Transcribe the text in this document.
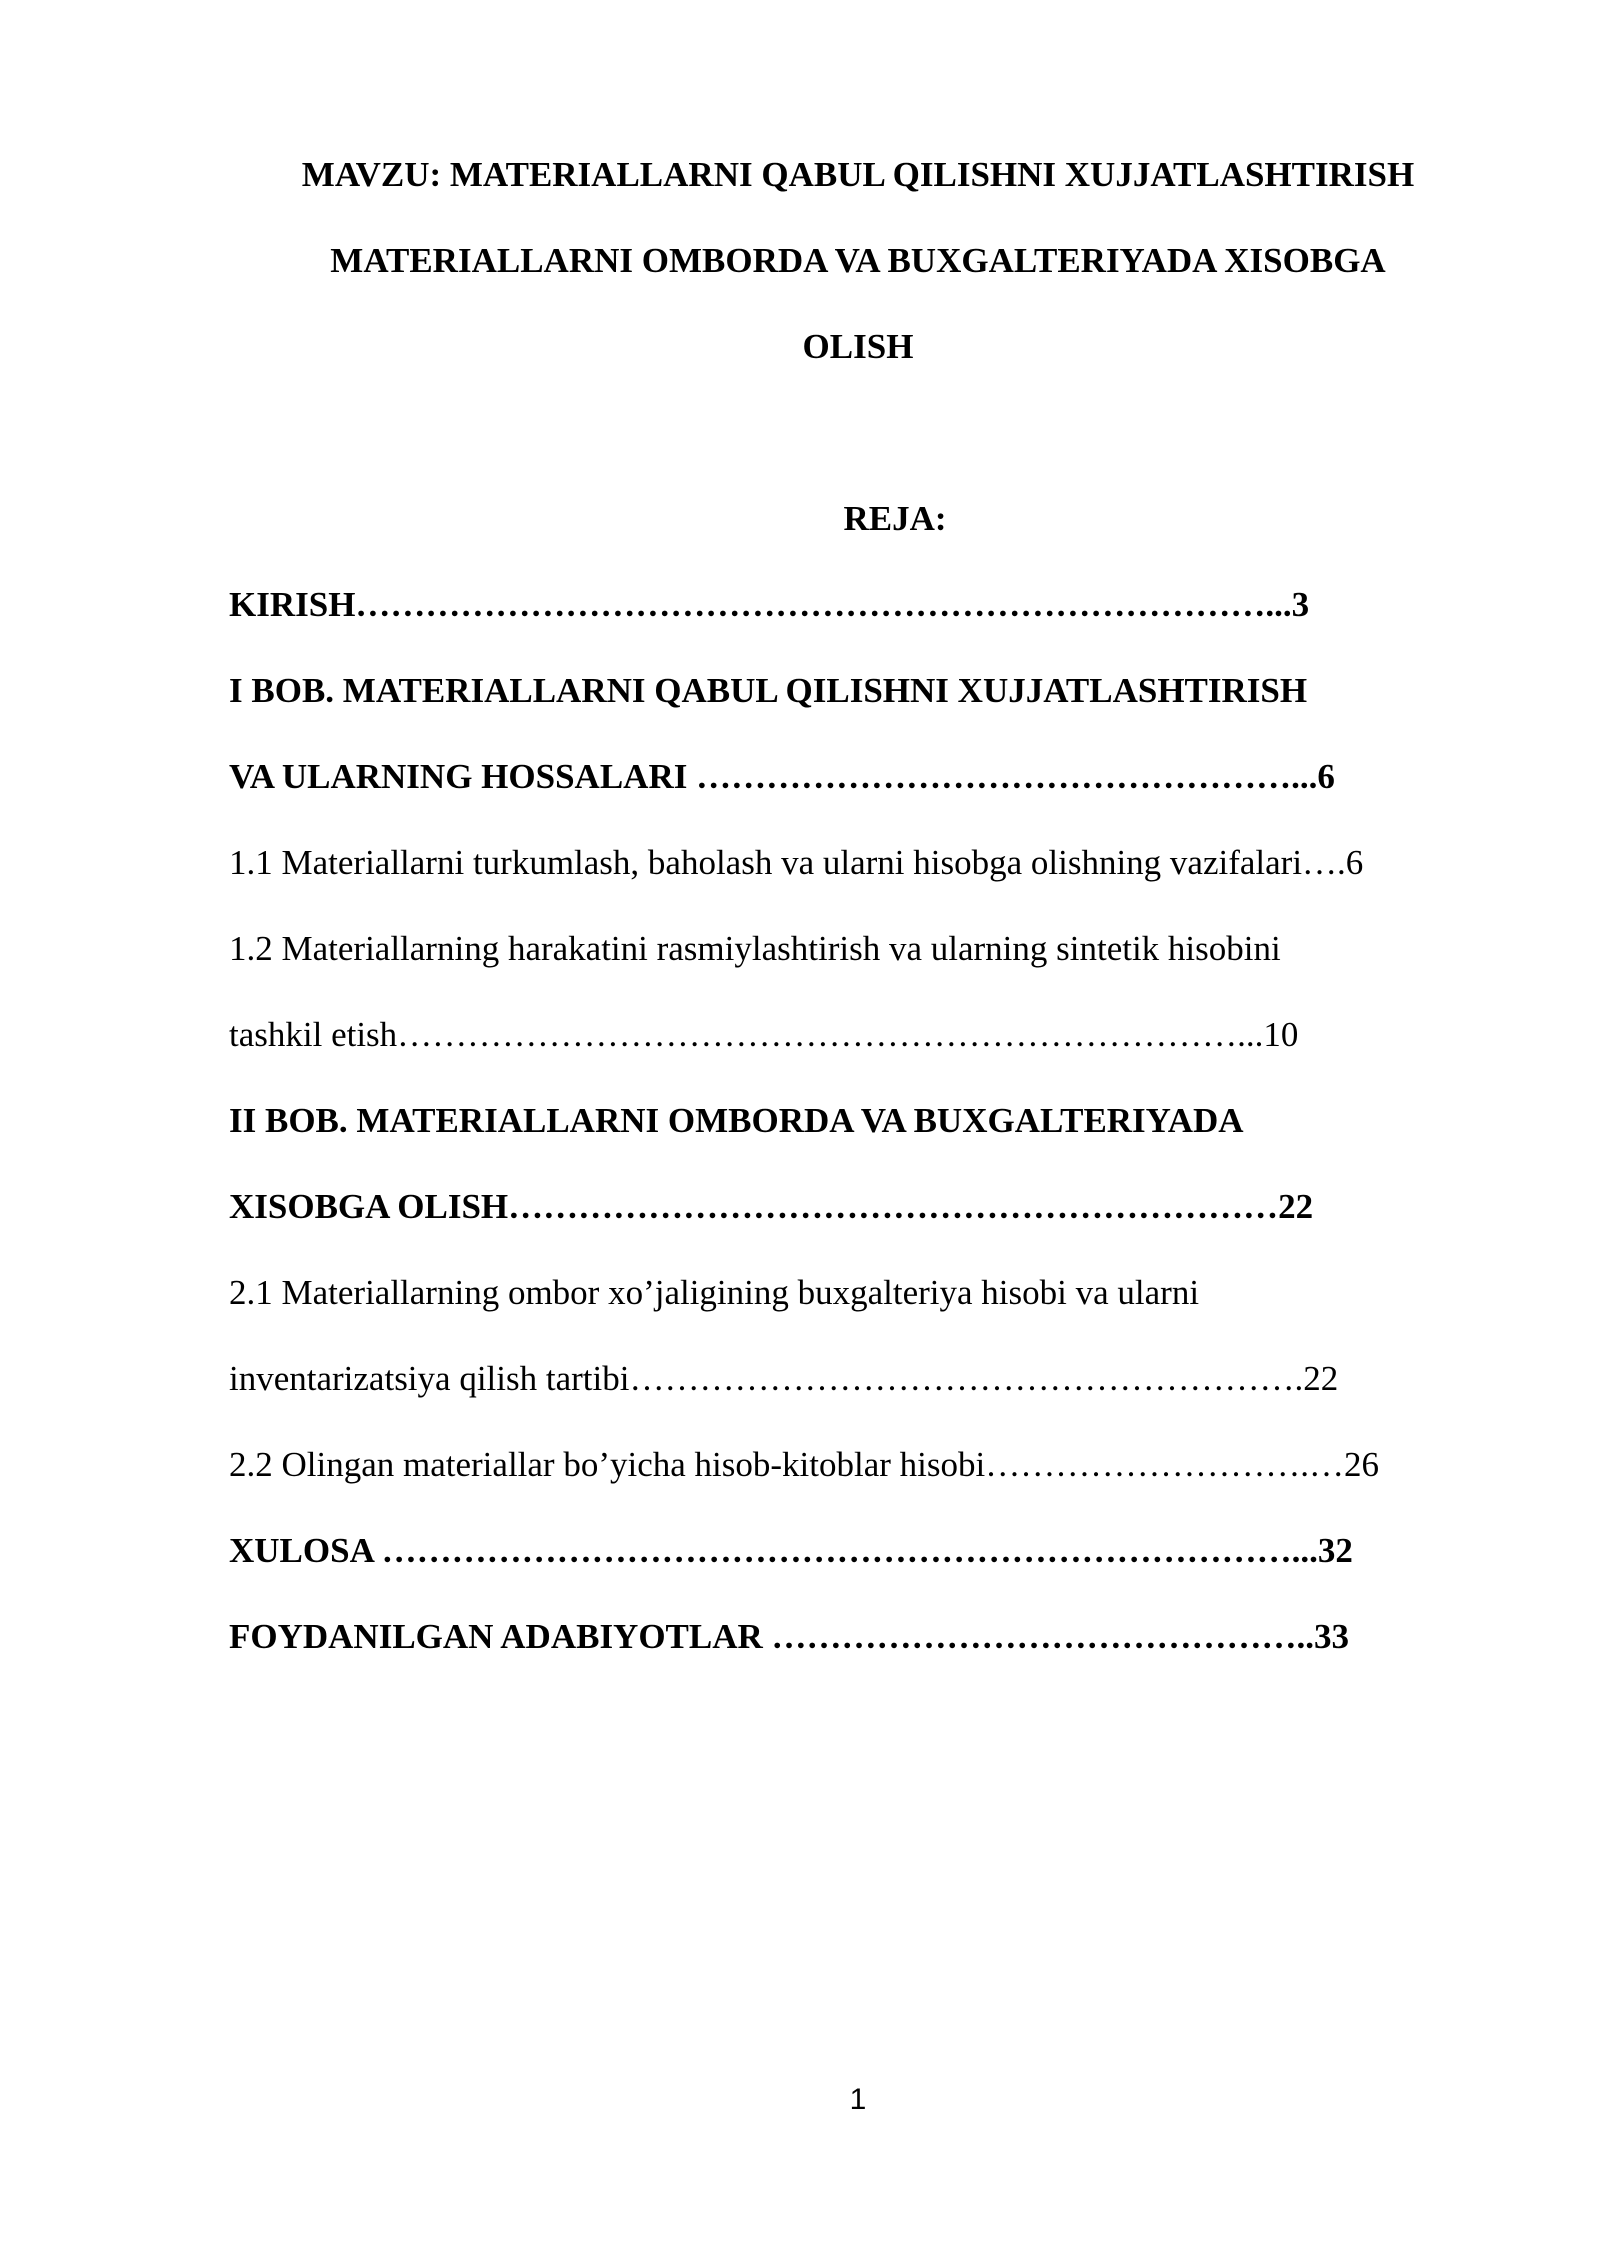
MAVZU: MATERIALLARNI QABUL QILISHNI XUJJATLASHTIRISH
MATERIALLARNI OMBORDA VA BUXGALTERIYADA XISOBGA
OLISH
REJA:
KIRISH……………………………………………………………………...3
I BOB. MATERIALLARNI QABUL QILISHNI XUJJATLASHTIRISH
VA ULARNING HOSSALARI ……………………………………………...6
1.1 Materiallarni turkumlash, baholash va ularni hisobga olishning vazifalari….6
1.2 Materiallarning harakatini rasmiylashtirish va ularning sintetik hisobini
tashkil etish………………………………………………………………...10
II BOB. MATERIALLARNI OMBORDA VA BUXGALTERIYADA
XISOBGA OLISH…………………………………………………………22
2.1 Materiallarning ombor xo’jaligining buxgalteriya hisobi va ularni
inventarizatsiya qilish tartibi………………………………………………….22
2.2 Olingan materiallar bo’yicha hisob-kitoblar hisobi……………………….…26
XULOSA ……………………………………………………………………...32
FOYDANILGAN ADABIYOTLAR ………………………………………..33
1
